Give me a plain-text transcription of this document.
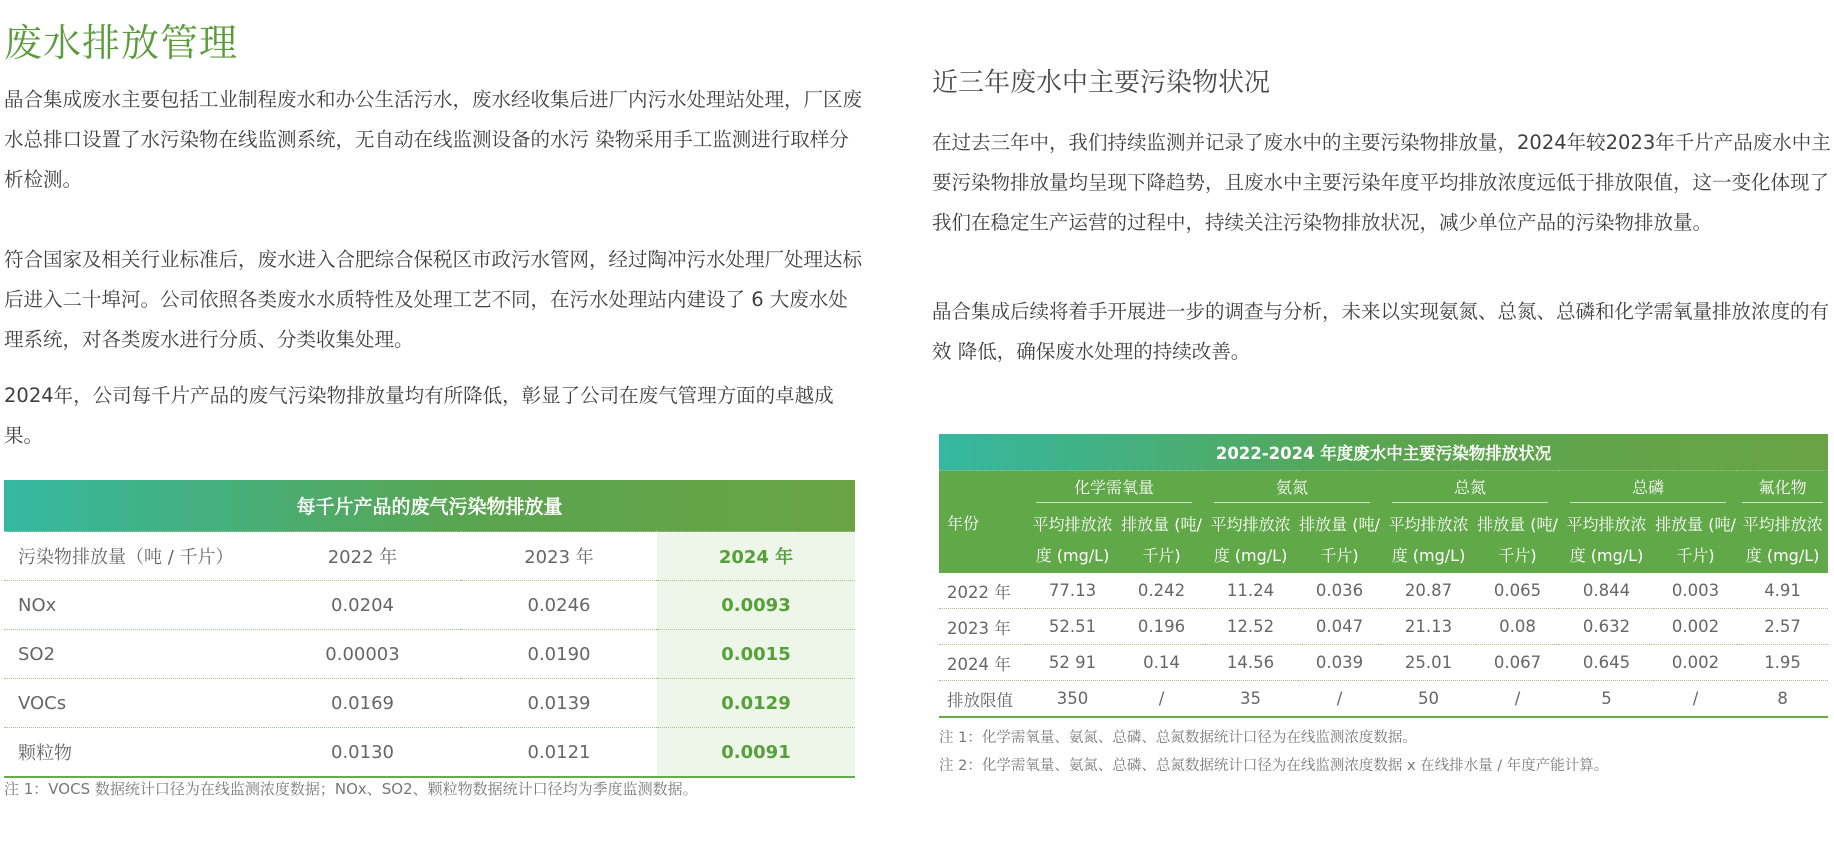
废水排放管理

晶合集成废水主要包括工业制程废水和办公生活污水，废水经收集后进厂内污水处理站处理，厂区废水总排口设置了水污染物在线监测系统，无自动在线监测设备的水污 染物采用手工监测进行取样分析检测。

符合国家及相关行业标准后，废水进入合肥综合保税区市政污水管网，经过陶冲污水处理厂处理达标后进入二十埠河。公司依照各类废水水质特性及处理工艺不同，在污水处理站内建设了 6 大废水处理系统，对各类废水进行分质、分类收集处理。

2024年，公司每千片产品的废气污染物排放量均有所降低，彰显了公司在废气管理方面的卓越成果。

每千片产品的废气污染物排放量			
污染物排放量（吨 / 千片）	2022 年	2023 年	2024 年
NOx	0.0204	0.0246	0.0093
SO2	0.00003	0.0190	0.0015
VOCs	0.0169	0.0139	0.0129
颗粒物	0.0130	0.0121	0.0091
注 1：VOCS 数据统计口径为在线监测浓度数据；NOx、SO2、颗粒物数据统计口径均为季度监测数据。
近三年废水中主要污染物状况

在过去三年中，我们持续监测并记录了废水中的主要污染物排放量，2024年较2023年千片产品废水中主要污染物排放量均呈现下降趋势，且废水中主要污染年度平均排放浓度远低于排放限值，这一变化体现了我们在稳定生产运营的过程中，持续关注污染物排放状况，减少单位产品的污染物排放量。

晶合集成后续将着手开展进一步的调查与分析，未来以实现氨氮、总氮、总磷和化学需氧量排放浓度的有效 降低，确保废水处理的持续改善。

2022-2024 年度废水中主要污染物排放状况									
年份	化学需氧量		氨氮		总氮		总磷		氟化物
	平均排放浓度 (mg/L)	排放量 (吨/千片)	平均排放浓度 (mg/L)	排放量 (吨/千片)	平均排放浓度 (mg/L)	排放量 (吨/千片)	平均排放浓度 (mg/L)	排放量 (吨/千片)	平均排放浓度 (mg/L)
2022 年	77.13	0.242	11.24	0.036	20.87	0.065	0.844	0.003	4.91
2023 年	52.51	0.196	12.52	0.047	21.13	0.08	0.632	0.002	2.57
2024 年	52 91	0.14	14.56	0.039	25.01	0.067	0.645	0.002	1.95
排放限值	350	/	35	/	50	/	5	/	8
注 1：化学需氧量、氨氮、总磷、总氮数据统计口径为在线监测浓度数据。
注 2：化学需氧量、氨氮、总磷、总氮数据统计口径为在线监测浓度数据 x 在线排水量 / 年度产能计算。
